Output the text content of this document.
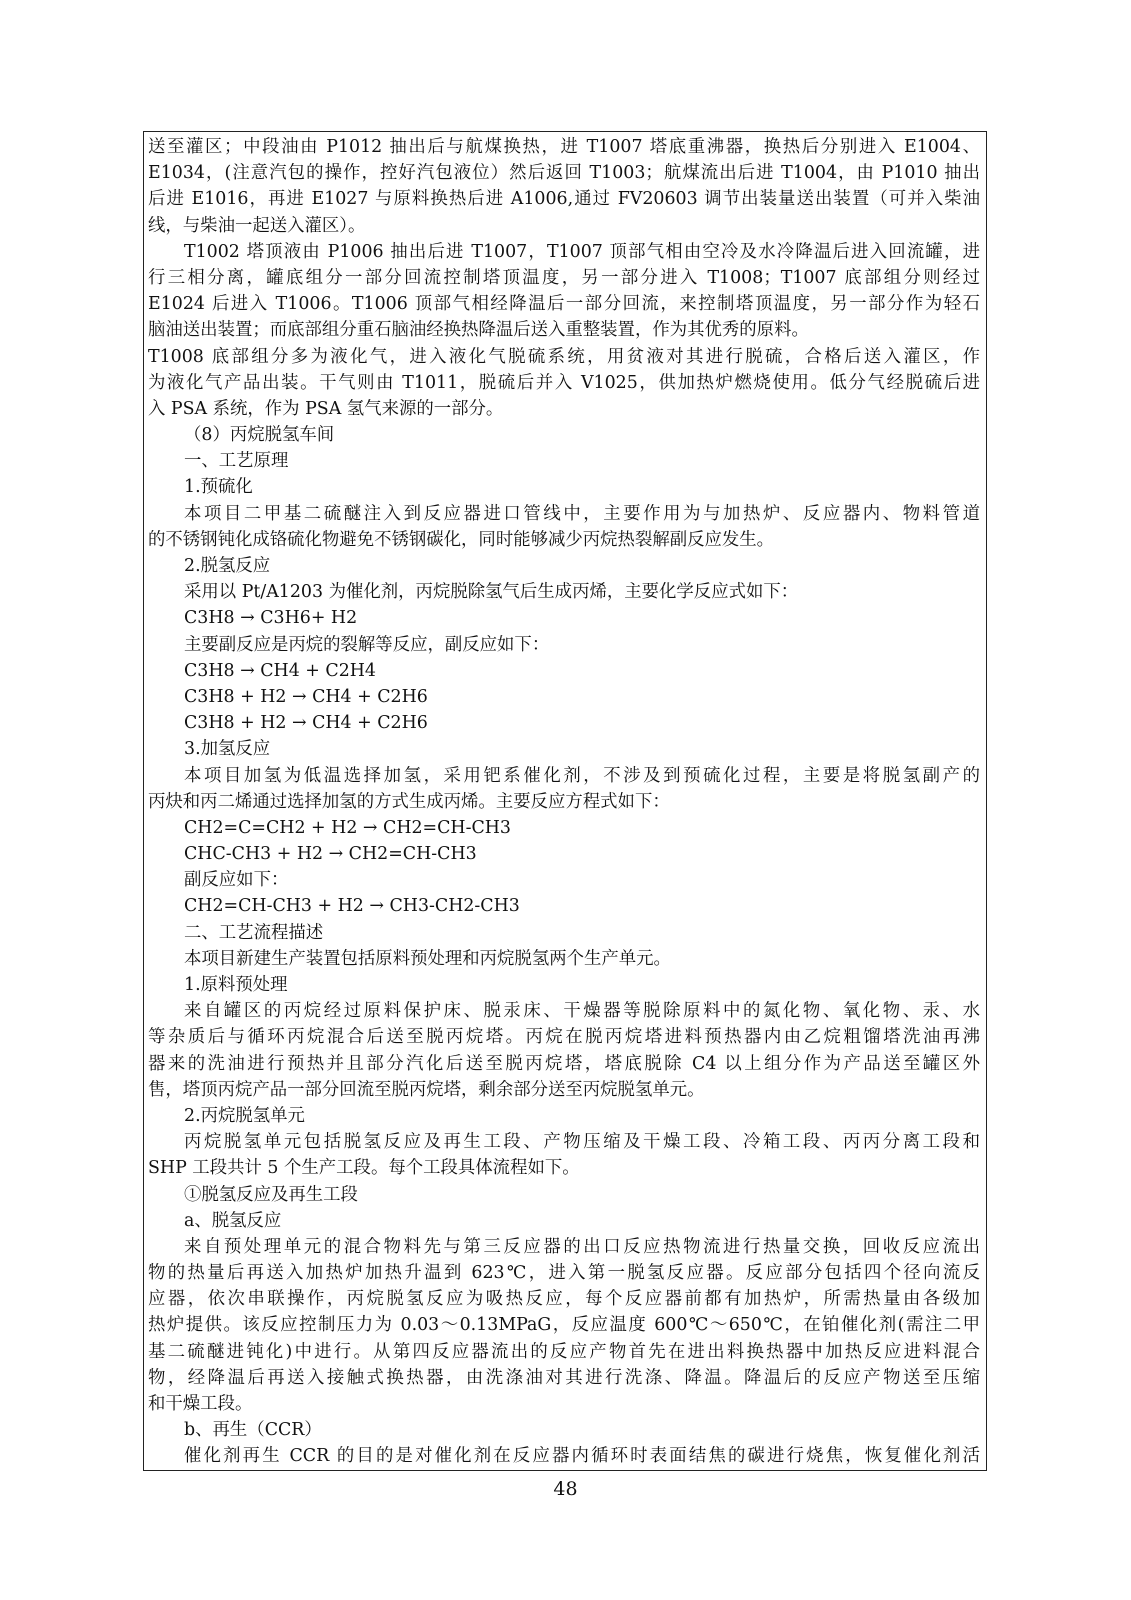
送至灌区；中段油由 P1012 抽出后与航煤换热，进 T1007 塔底重沸器，换热后分别进入 E1004、
E1034，(注意汽包的操作，控好汽包液位）然后返回 T1003；航煤流出后进 T1004，由 P1010 抽出
后进 E1016，再进 E1027 与原料换热后进 A1006,通过 FV20603 调节出装量送出装置（可并入柴油
线，与柴油一起送入灌区）。
T1002 塔顶液由 P1006 抽出后进 T1007，T1007 顶部气相由空冷及水冷降温后进入回流罐，进
行三相分离，罐底组分一部分回流控制塔顶温度，另一部分进入 T1008；T1007 底部组分则经过
E1024 后进入 T1006。T1006 顶部气相经降温后一部分回流，来控制塔顶温度，另一部分作为轻石
脑油送出装置；而底部组分重石脑油经换热降温后送入重整装置，作为其优秀的原料。
T1008 底部组分多为液化气，进入液化气脱硫系统，用贫液对其进行脱硫，合格后送入灌区，作
为液化气产品出装。干气则由 T1011，脱硫后并入 V1025，供加热炉燃烧使用。低分气经脱硫后进
入 PSA 系统，作为 PSA 氢气来源的一部分。
（8）丙烷脱氢车间
一、工艺原理
1.预硫化
本项目二甲基二硫醚注入到反应器进口管线中，主要作用为与加热炉、反应器内、物料管道
的不锈钢钝化成铬硫化物避免不锈钢碳化，同时能够减少丙烷热裂解副反应发生。
2.脱氢反应
采用以 Pt/A1203 为催化剂，丙烷脱除氢气后生成丙烯，主要化学反应式如下：
C3H8 → C3H6+ H2
主要副反应是丙烷的裂解等反应，副反应如下：
C3H8 → CH4 + C2H4
C3H8 + H2 → CH4 + C2H6
C3H8 + H2 → CH4 + C2H6
3.加氢反应
本项目加氢为低温选择加氢，采用钯系催化剂，不涉及到预硫化过程，主要是将脱氢副产的
丙炔和丙二烯通过选择加氢的方式生成丙烯。主要反应方程式如下：
CH2=C=CH2 + H2 → CH2=CH-CH3
CHC-CH3 + H2 → CH2=CH-CH3
副反应如下：
CH2=CH-CH3 + H2 → CH3-CH2-CH3
二、工艺流程描述
本项目新建生产装置包括原料预处理和丙烷脱氢两个生产单元。
1.原料预处理
来自罐区的丙烷经过原料保护床、脱汞床、干燥器等脱除原料中的氮化物、氧化物、汞、水
等杂质后与循环丙烷混合后送至脱丙烷塔。丙烷在脱丙烷塔进料预热器内由乙烷粗馏塔洗油再沸
器来的洗油进行预热并且部分汽化后送至脱丙烷塔，塔底脱除 C4 以上组分作为产品送至罐区外
售，塔顶丙烷产品一部分回流至脱丙烷塔，剩余部分送至丙烷脱氢单元。
2.丙烷脱氢单元
丙烷脱氢单元包括脱氢反应及再生工段、产物压缩及干燥工段、冷箱工段、丙丙分离工段和
SHP 工段共计 5 个生产工段。每个工段具体流程如下。
①脱氢反应及再生工段
a、脱氢反应
来自预处理单元的混合物料先与第三反应器的出口反应热物流进行热量交换，回收反应流出
物的热量后再送入加热炉加热升温到 623℃，进入第一脱氢反应器。反应部分包括四个径向流反
应器，依次串联操作，丙烷脱氢反应为吸热反应，每个反应器前都有加热炉，所需热量由各级加
热炉提供。该反应控制压力为 0.03～0.13MPaG，反应温度 600℃～650℃，在铂催化剂(需注二甲
基二硫醚进钝化)中进行。从第四反应器流出的反应产物首先在进出料换热器中加热反应进料混合
物，经降温后再送入接触式换热器，由洗涤油对其进行洗涤、降温。降温后的反应产物送至压缩
和干燥工段。
b、再生（CCR）
催化剂再生 CCR 的目的是对催化剂在反应器内循环时表面结焦的碳进行烧焦，恢复催化剂活
48
